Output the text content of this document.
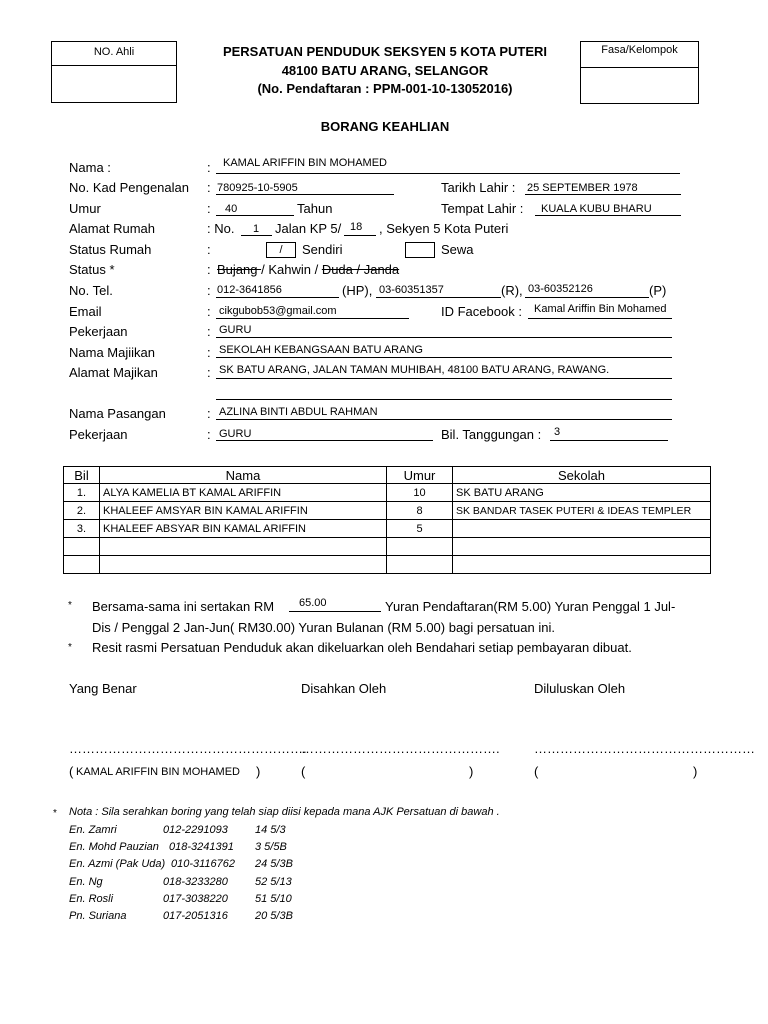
NO. Ahli	Fasa/Kelompok
PERSATUAN PENDUDUK SEKSYEN 5 KOTA PUTERI
48100 BATU ARANG, SELANGOR
(No. Pendaftaran : PPM-001-10-13052016)
BORANG KEAHLIAN
Nama :	: KAMAL ARIFFIN BIN MOHAMED
No. Kad Pengenalan : 780925-10-5905	Tarikh Lahir : 25 SEPTEMBER 1978
Umur	: 40	Tahun	Tempat Lahir : KUALA KUBU BHARU
Alamat Rumah	: No. 1 Jalan KP 5/ 18 , Sekyen 5 Kota Puteri
Status Rumah	:	/	Sendiri	Sewa
Status *	: Bujang / Kahwin / Duda / Janda
No. Tel.	: 012-3641856	(HP), 03-60351357	(R), 03-60352126	(P)
Email	: cikgubob53@gmail.com	ID Facebook : Kamal Ariffin Bin Mohamed
Pekerjaan	: GURU
Nama Majiikan	: SEKOLAH KEBANGSAAN BATU ARANG
Alamat Majikan	: SK BATU ARANG, JALAN TAMAN MUHIBAH, 48100 BATU ARANG, RAWANG.
Nama Pasangan	: AZLINA BINTI ABDUL RAHMAN
Pekerjaan	: GURU	Bil. Tanggungan : 3
Bil	Nama	Umur	Sekolah
1.	ALYA KAMELIA BT KAMAL ARIFFIN	10	SK BATU ARANG
2.	KHALEEF AMSYAR BIN KAMAL ARIFFIN	8	SK BANDAR TASEK PUTERI & IDEAS TEMPLER
3.	KHALEEF ABSYAR BIN KAMAL ARIFFIN	5	

* Bersama-sama ini sertakan RM 65.00	Yuran Pendaftaran(RM 5.00) Yuran Penggal 1 Jul-
Dis / Penggal 2 Jan-Jun( RM30.00) Yuran Bulanan (RM 5.00) bagi persatuan ini.
* Resit rasmi Persatuan Penduduk akan dikeluarkan oleh Bendahari setiap pembayaran dibuat.
Yang Benar	Disahkan Oleh	Diluluskan Oleh
……………………………………………….
……………………………………….	……………………………………………
( KAMAL ARIFFIN BIN MOHAMED )	(	)	(	)
* Nota : Sila serahkan boring yang telah siap diisi kepada mana AJK Persatuan di bawah .
En. Zamri	012-2291093 14 5/3
En. Mohd Pauzian 018-3241391 3 5/5B
En. Azmi (Pak Uda) 010-3116762 24 5/3B
En. Ng	018-3233280 52 5/13
En. Rosli	017-3038220 51 5/10
Pn. Suriana	017-2051316 20 5/3B
